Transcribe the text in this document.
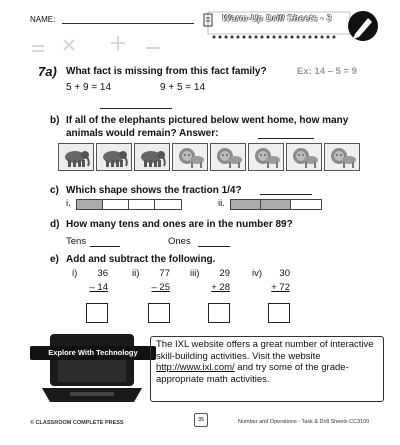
NAME:	Warm-Up Drill Sheets - 3
7a) What fact is missing from this fact family?	Ex: 14 – 5 = 9
5 + 9 = 14	9 + 5 = 14
b) If all of the elephants pictured below went home, how many
animals would remain? Answer:
c) Which shape shows the fraction 1/4?
i.	ii.
d) How many tens and ones are in the number 89?
Tens	Ones
e) Add and subtract the following.
i)	36
– 14
ii)	77
– 25
iii)	29
+ 28
iv)	30
+ 72
Explore With Technology
The IXL website offers a great number of interactive skill-building activities. Visit the website http://www.ixl.com/ and try some of the grade-appropriate math activities.
© CLASSROOM COMPLETE PRESS	35	Number and Operations - Task & Drill Sheets CC3100
